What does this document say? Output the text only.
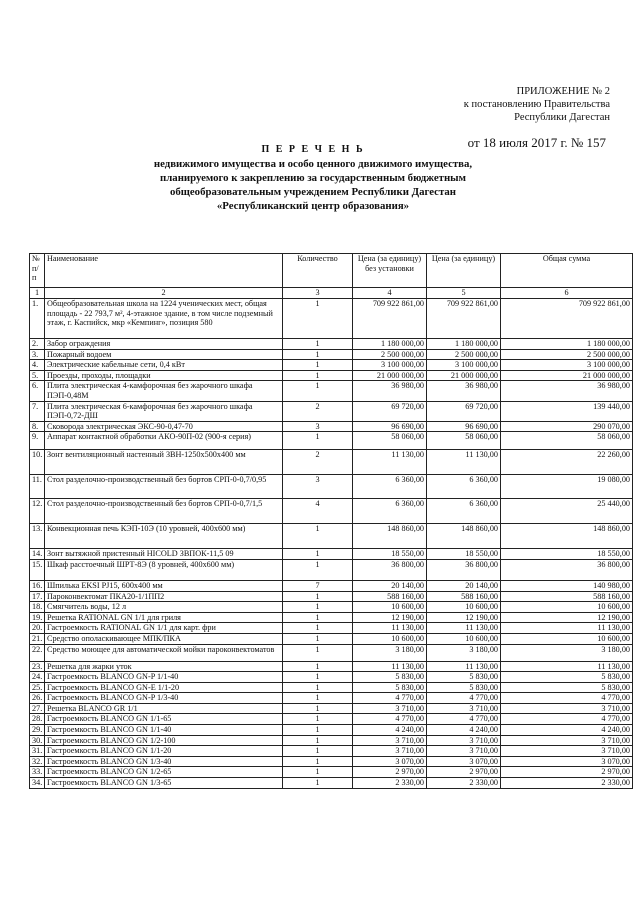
ПРИЛОЖЕНИЕ № 2
к постановлению Правительства
Республики Дагестан
от 18 июля 2017 г. № 157
П Е Р Е Ч Е Н Ь
недвижимого имущества и особо ценного движимого имущества,
планируемого к закреплению за государственным бюджетным
общеобразовательным учреждением Республики Дагестан
«Республиканский центр образования»
№ п/п	Наименование	Количество	Цена (за единицу) без установки	Цена (за единицу)	Общая сумма
1	2	3	4	5	6
1.	Общеобразовательная школа на 1224 ученических мест, общая площадь - 22 793,7 м², 4-этажное здание, в том числе подземный этаж, г. Каспийск, мкр «Кемпинг», позиция 580	1	709 922 861,00	709 922 861,00	709 922 861,00
2.	Забор ограждения	1	1 180 000,00	1 180 000,00	1 180 000,00
3.	Пожарный водоем	1	2 500 000,00	2 500 000,00	2 500 000,00
4.	Электрические кабельные сети, 0,4 кВт	1	3 100 000,00	3 100 000,00	3 100 000,00
5.	Проезды, проходы, площадки	1	21 000 000,00	21 000 000,00	21 000 000,00
6.	Плита электрическая 4-камфорочная без жарочного шкафа ПЭП-0,48М	1	36 980,00	36 980,00	36 980,00
7.	Плита электрическая 6-камфорочная без жарочного шкафа ПЭП-0,72-ДШ	2	69 720,00	69 720,00	139 440,00
8.	Сковорода электрическая ЭКС-90-0,47-70	3	96 690,00	96 690,00	290 070,00
9.	Аппарат контактной обработки АКО-90П-02 (900-я серия)	1	58 060,00	58 060,00	58 060,00
10.	Зонт вентиляционный настенный ЗВН-1250х500х400 мм	2	11 130,00	11 130,00	22 260,00
11.	Стол разделочно-производственный без бортов СРП-0-0,7/0,95	3	6 360,00	6 360,00	19 080,00
12.	Стол разделочно-производственный без бортов СРП-0-0,7/1,5	4	6 360,00	6 360,00	25 440,00
13.	Конвекционная печь КЭП-10Э (10 уровней, 400х600 мм)	1	148 860,00	148 860,00	148 860,00
14.	Зонт вытяжной пристенный HICOLD ЗВПОК-11,5 09	1	18 550,00	18 550,00	18 550,00
15.	Шкаф расстоечный ШРТ-8Э (8 уровней, 400х600 мм)	1	36 800,00	36 800,00	36 800,00
16.	Шпилька EKSI PJ15, 600х400 мм	7	20 140,00	20 140,00	140 980,00
17.	Пароконвектомат ПКА20-1/1ПП2	1	588 160,00	588 160,00	588 160,00
18.	Смягчитель воды, 12 л	1	10 600,00	10 600,00	10 600,00
19.	Решетка RATIONAL GN 1/1 для гриля	1	12 190,00	12 190,00	12 190,00
20.	Гастроемкость RATIONAL GN 1/1 для карт. фри	1	11 130,00	11 130,00	11 130,00
21.	Средство ополаскивающее МПК/ПКА	1	10 600,00	10 600,00	10 600,00
22.	Средство моющее для автоматической мойки пароконвектоматов	1	3 180,00	3 180,00	3 180,00
23.	Решетка для жарки уток	1	11 130,00	11 130,00	11 130,00
24.	Гастроемкость BLANCO GN-P 1/1-40	1	5 830,00	5 830,00	5 830,00
25.	Гастроемкость BLANCO GN-E 1/1-20	1	5 830,00	5 830,00	5 830,00
26.	Гастроемкость BLANCO GN-P 1/3-40	1	4 770,00	4 770,00	4 770,00
27.	Решетка BLANCO GR 1/1	1	3 710,00	3 710,00	3 710,00
28.	Гастроемкость BLANCO GN 1/1-65	1	4 770,00	4 770,00	4 770,00
29.	Гастроемкость BLANCO GN 1/1-40	1	4 240,00	4 240,00	4 240,00
30.	Гастроемкость BLANCO GN 1/2-100	1	3 710,00	3 710,00	3 710,00
31.	Гастроемкость BLANCO GN 1/1-20	1	3 710,00	3 710,00	3 710,00
32.	Гастроемкость BLANCO GN 1/3-40	1	3 070,00	3 070,00	3 070,00
33.	Гастроемкость BLANCO GN 1/2-65	1	2 970,00	2 970,00	2 970,00
34.	Гастроемкость BLANCO GN 1/3-65	1	2 330,00	2 330,00	2 330,00
